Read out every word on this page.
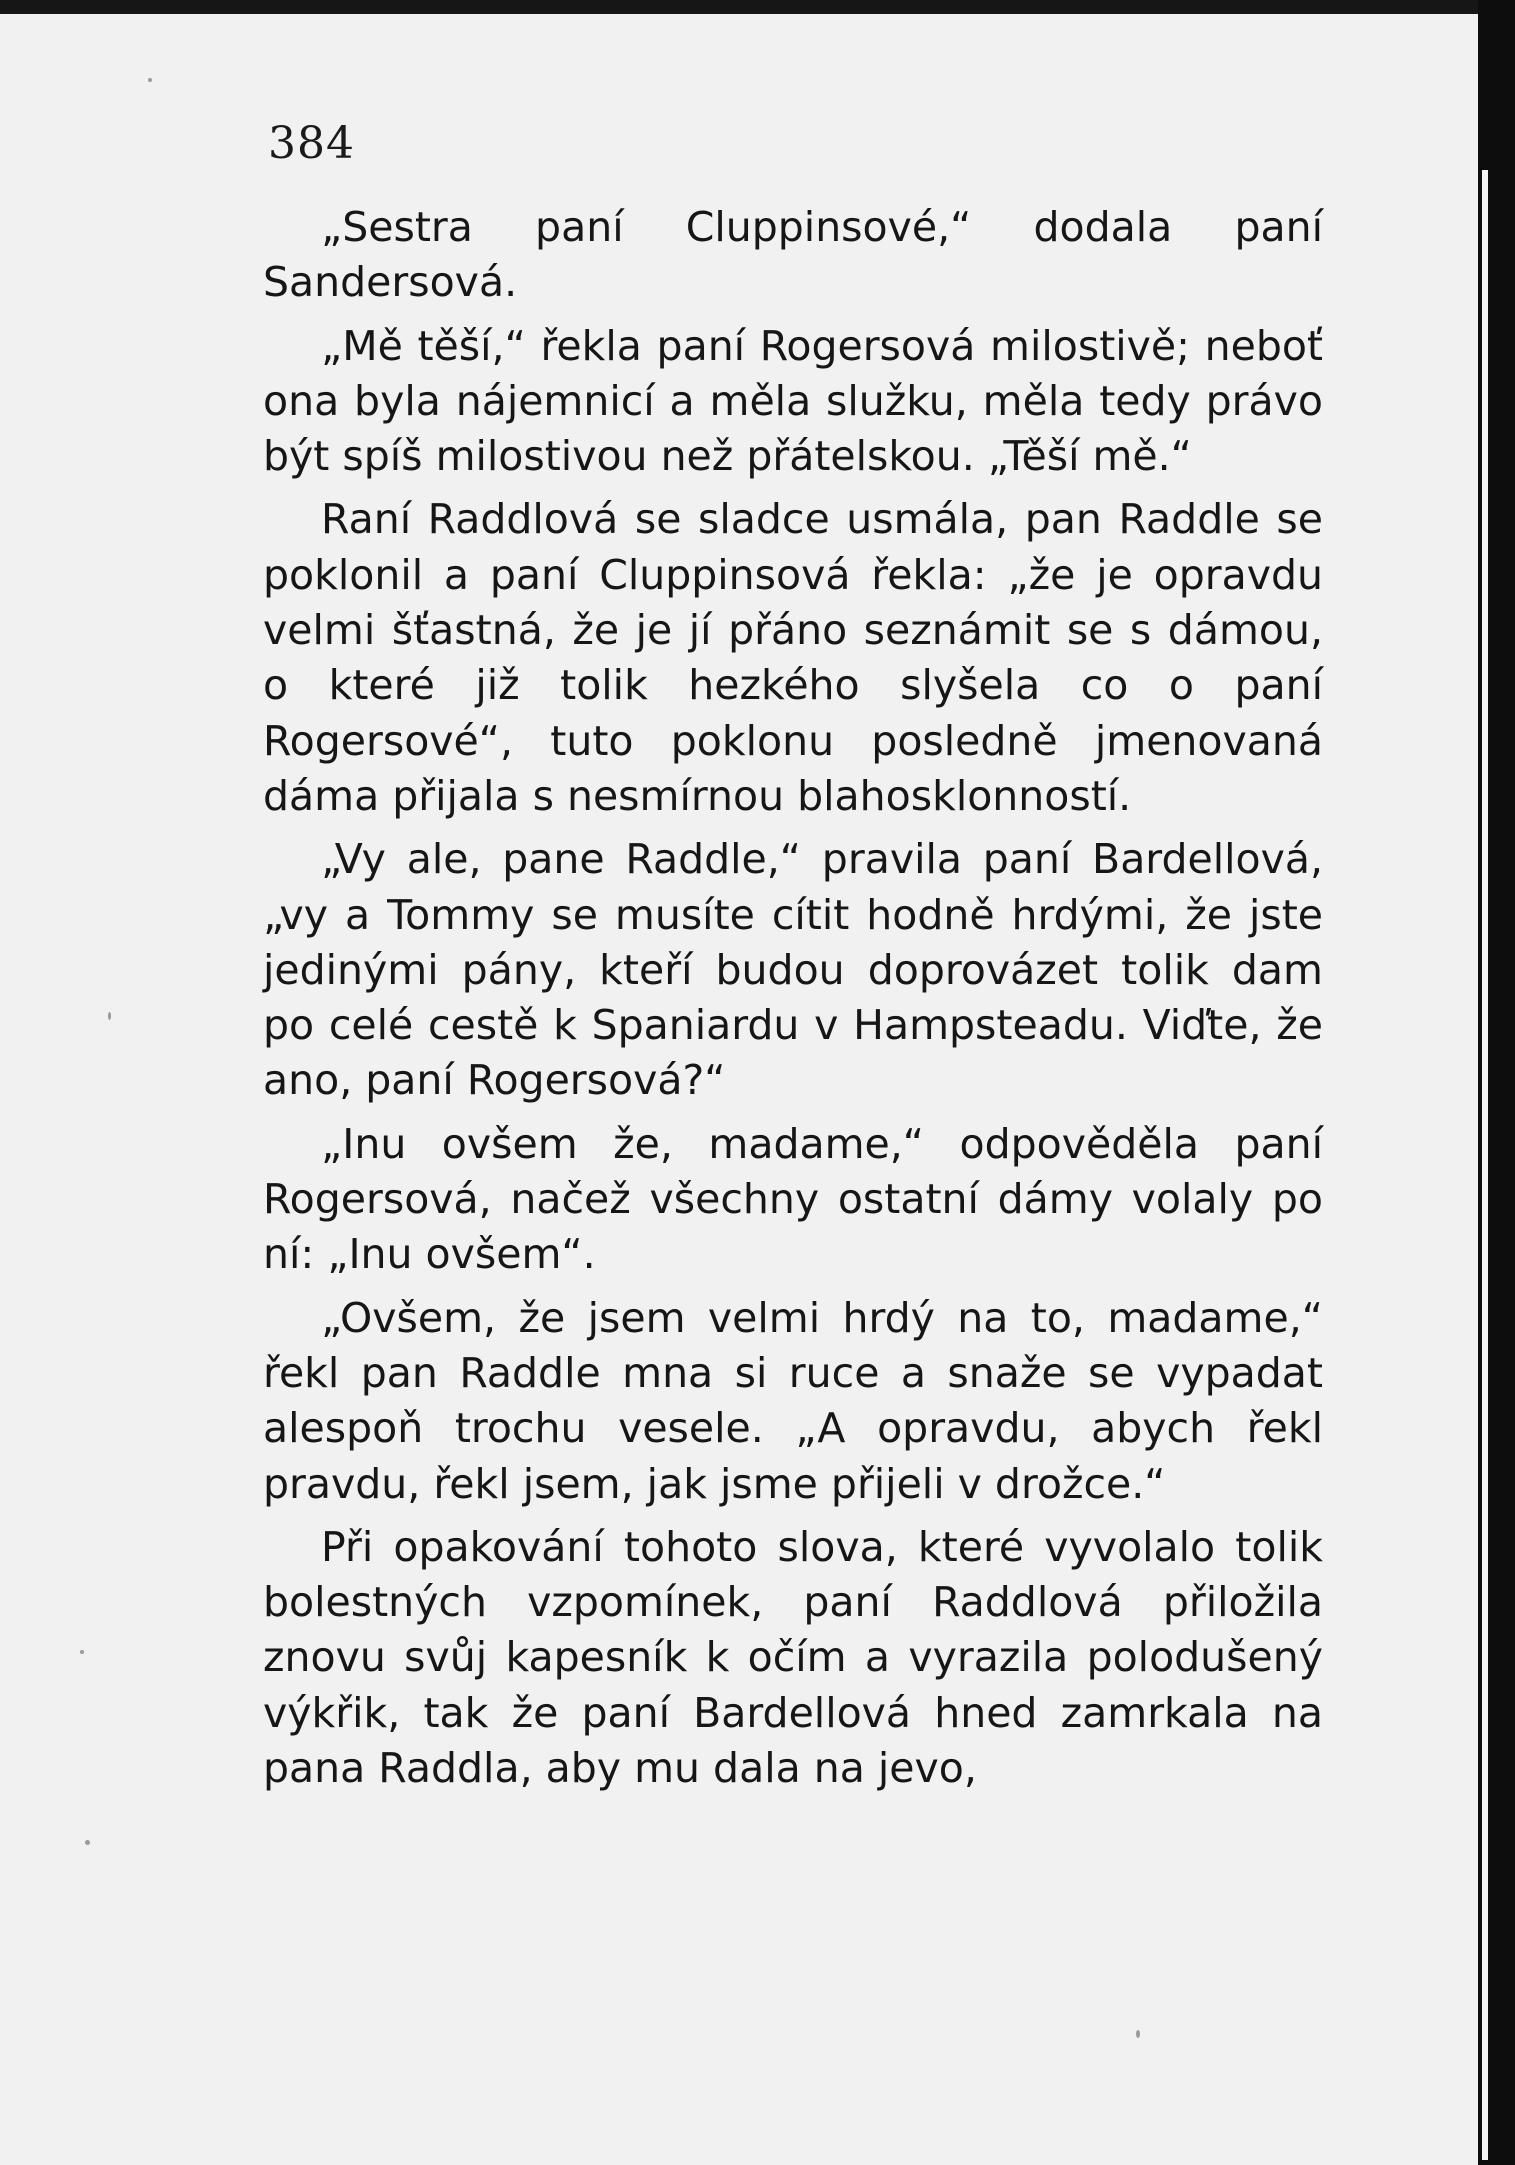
384

„Sestra paní Cluppinsové,“ dodala paní Sandersová.

„Mě těší,“ řekla paní Rogersová milostivě; neboť ona byla nájemnicí a měla služku, měla tedy právo být spíš milostivou než přátelskou. „Těší mě.“

Raní Raddlová se sladce usmála, pan Raddle se poklonil a paní Cluppinsová řekla: „že je opravdu velmi šťastná, že je jí přáno seznámit se s dámou, o které již tolik hezkého slyšela co o paní Rogersové“, tuto poklonu posledně jmenovaná dáma přijala s nesmírnou blahosklonností.

„Vy ale, pane Raddle,“ pravila paní Bardellová, „vy a Tommy se musíte cítit hodně hrdými, že jste jedinými pány, kteří budou doprovázet tolik dam po celé cestě k Spaniardu v Hampsteadu. Viďte, že ano, paní Rogersová?“

„Inu ovšem že, madame,“ odpověděla paní Rogersová, načež všechny ostatní dámy volaly po ní: „Inu ovšem“.

„Ovšem, že jsem velmi hrdý na to, madame,“ řekl pan Raddle mna si ruce a snaže se vypadat alespoň trochu vesele. „A opravdu, abych řekl pravdu, řekl jsem, jak jsme přijeli v drožce.“

Při opakování tohoto slova, které vyvolalo tolik bolestných vzpomínek, paní Raddlová přiložila znovu svůj kapesník k očím a vyrazila polodušený výkřik, tak že paní Bardellová hned zamrkala na pana Raddla, aby mu dala na jevo,
